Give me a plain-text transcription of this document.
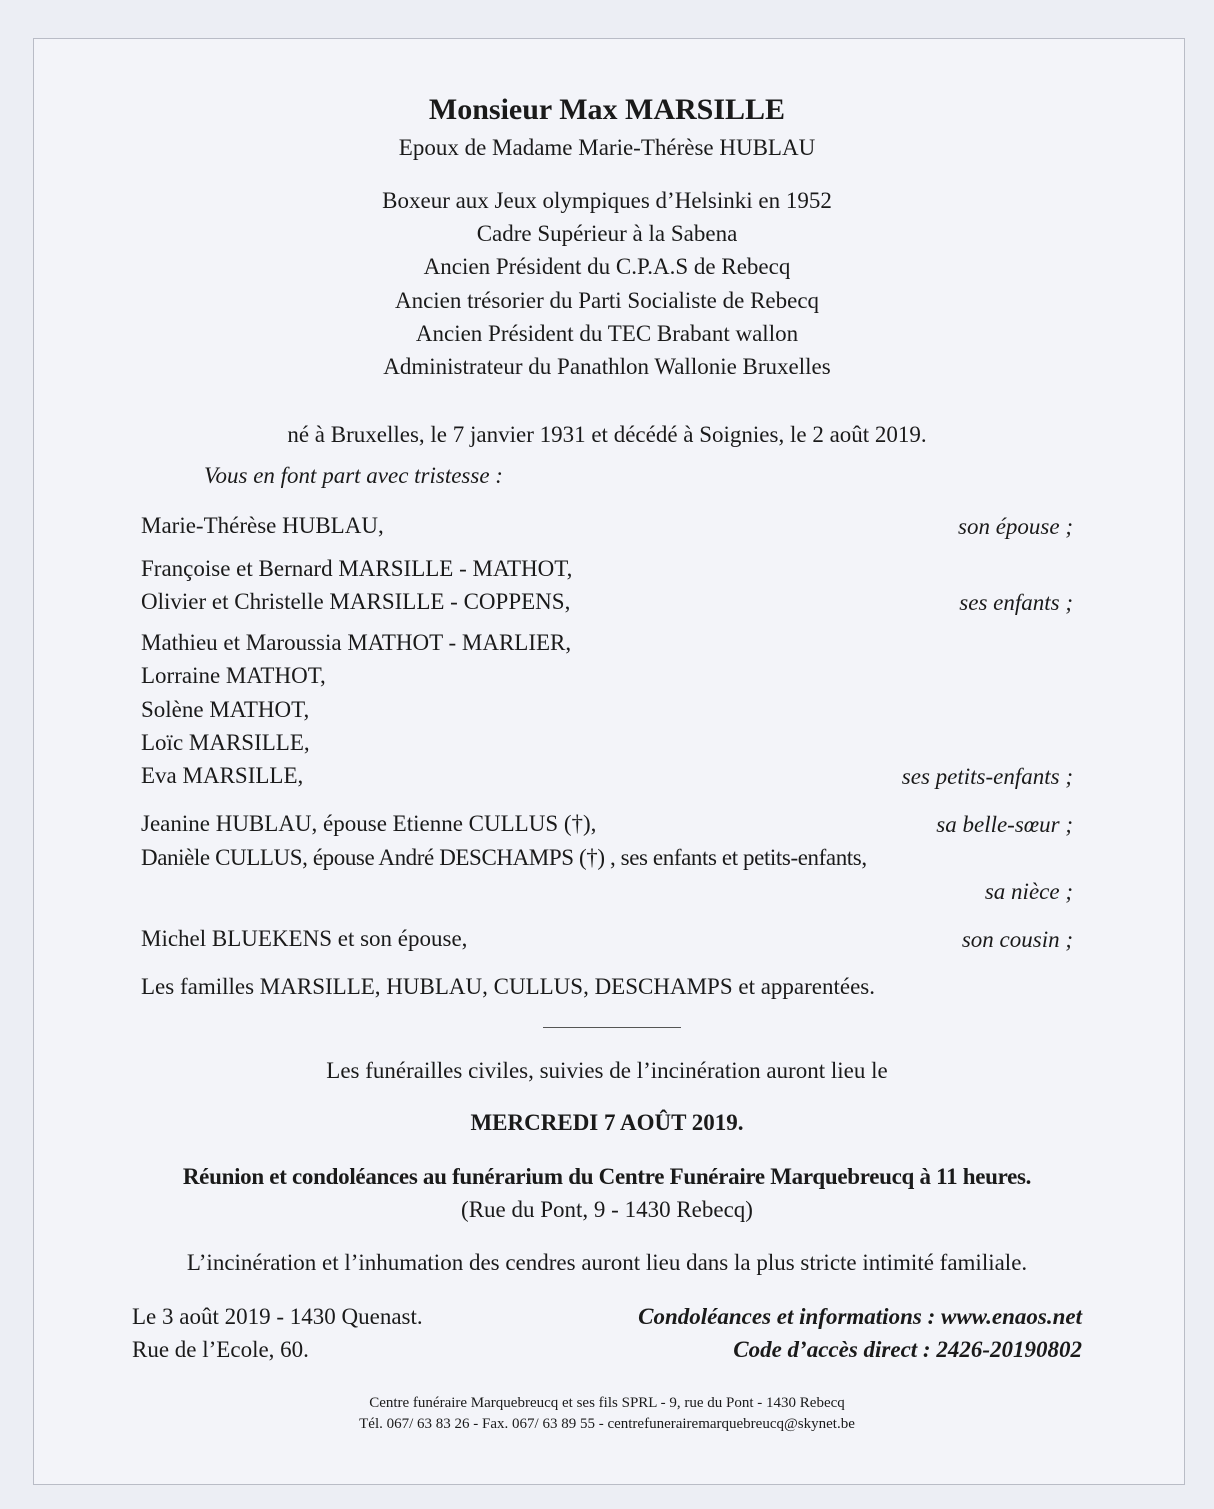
Monsieur Max MARSILLE
Epoux de Madame Marie-Thérèse HUBLAU
Boxeur aux Jeux olympiques d’Helsinki en 1952
Cadre Supérieur à la Sabena
Ancien Président du C.P.A.S de Rebecq
Ancien trésorier du Parti Socialiste de Rebecq
Ancien Président du TEC Brabant wallon
Administrateur du Panathlon Wallonie Bruxelles
né à Bruxelles, le 7 janvier 1931 et décédé à Soignies, le 2 août 2019.
Vous en font part avec tristesse :
Marie-Thérèse HUBLAU,	son épouse ;
Françoise et Bernard MARSILLE - MATHOT,
Olivier et Christelle MARSILLE - COPPENS,	ses enfants ;
Mathieu et Maroussia MATHOT - MARLIER,
Lorraine MATHOT,
Solène MATHOT,
Loïc MARSILLE,
Eva MARSILLE,	ses petits-enfants ;
Jeanine HUBLAU, épouse Etienne CULLUS (†),	sa belle-sœur ;
Danièle CULLUS, épouse André DESCHAMPS (†) , ses enfants et petits-enfants,
sa nièce ;
Michel BLUEKENS et son épouse,	son cousin ;
Les familles MARSILLE, HUBLAU, CULLUS, DESCHAMPS et apparentées.
Les funérailles civiles, suivies de l’incinération auront lieu le
MERCREDI 7 AOÛT 2019.
Réunion et condoléances au funérarium du Centre Funéraire Marquebreucq à 11 heures.
(Rue du Pont, 9 - 1430 Rebecq)
L’incinération et l’inhumation des cendres auront lieu dans la plus stricte intimité familiale.
Le 3 août 2019 - 1430 Quenast.
Rue de l’Ecole, 60.
Condoléances et informations : www.enaos.net
Code d’accès direct : 2426-20190802
Centre funéraire Marquebreucq et ses fils SPRL - 9, rue du Pont - 1430 Rebecq
Tél. 067/ 63 83 26 - Fax. 067/ 63 89 55 - centrefunerairemarquebreucq@skynet.be
